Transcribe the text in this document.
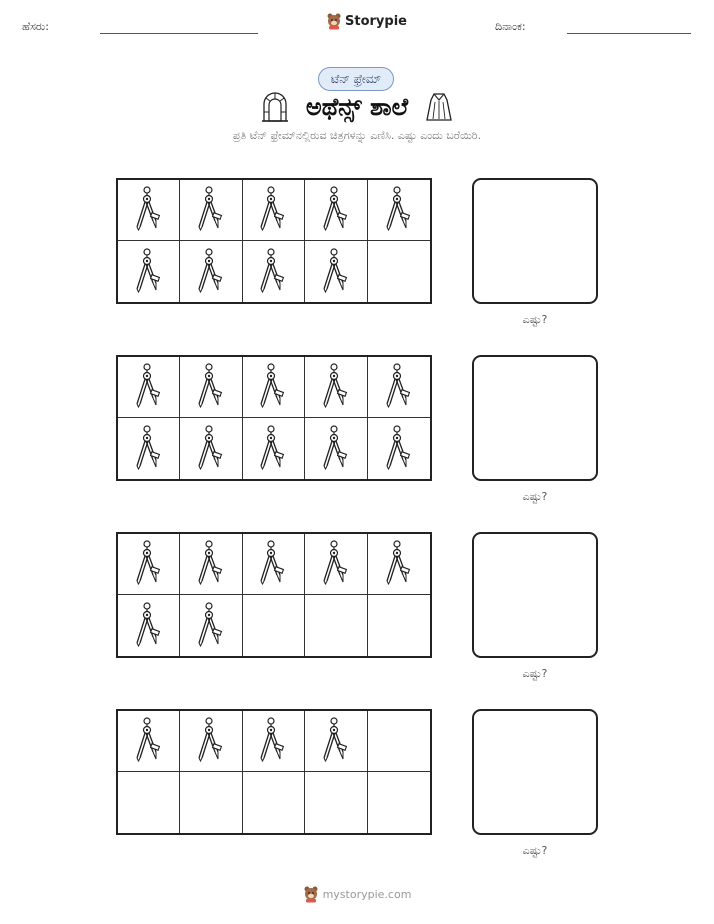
ಹೆಸರು:	Storypie	ದಿನಾಂಕ:
ಟೆನ್ ಫ್ರೇಮ್
ಅಥೆನ್ಸ್ ಶಾಲೆ
ಪ್ರತಿ ಟೆನ್ ಫ್ರೇಮ್‌ನಲ್ಲಿರುವ ಚಿತ್ರಗಳನ್ನು ಎಣಿಸಿ. ಎಷ್ಟು ಎಂದು ಬರೆಯಿರಿ.
ಎಷ್ಟು?
ಎಷ್ಟು?
ಎಷ್ಟು?
ಎಷ್ಟು?
mystorypie.com
